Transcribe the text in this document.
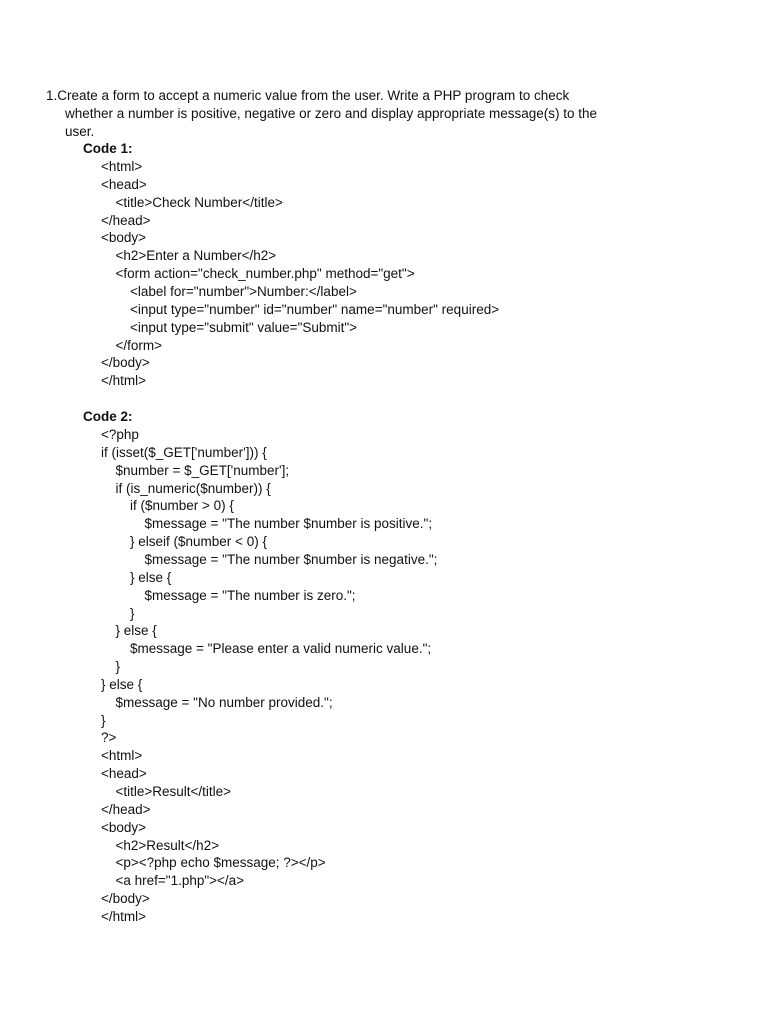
1.Create a form to accept a numeric value from the user. Write a PHP program to check
whether a number is positive, negative or zero and display appropriate message(s) to the
user.
Code 1:
<html>
<head>
<title>Check Number</title>
</head>
<body>
<h2>Enter a Number</h2>
<form action="check_number.php" method="get">
<label for="number">Number:</label>
<input type="number" id="number" name="number" required>
<input type="submit" value="Submit">
</form>
</body>
</html>
Code 2:
<?php
if (isset($_GET['number'])) {
$number = $_GET['number'];
if (is_numeric($number)) {
if ($number > 0) {
$message = "The number $number is positive.";
} elseif ($number < 0) {
$message = "The number $number is negative.";
} else {
$message = "The number is zero.";
}
} else {
$message = "Please enter a valid numeric value.";
}
} else {
$message = "No number provided.";
}
?>
<html>
<head>
<title>Result</title>
</head>
<body>
<h2>Result</h2>
<p><?php echo $message; ?></p>
<a href="1.php"></a>
</body>
</html>
